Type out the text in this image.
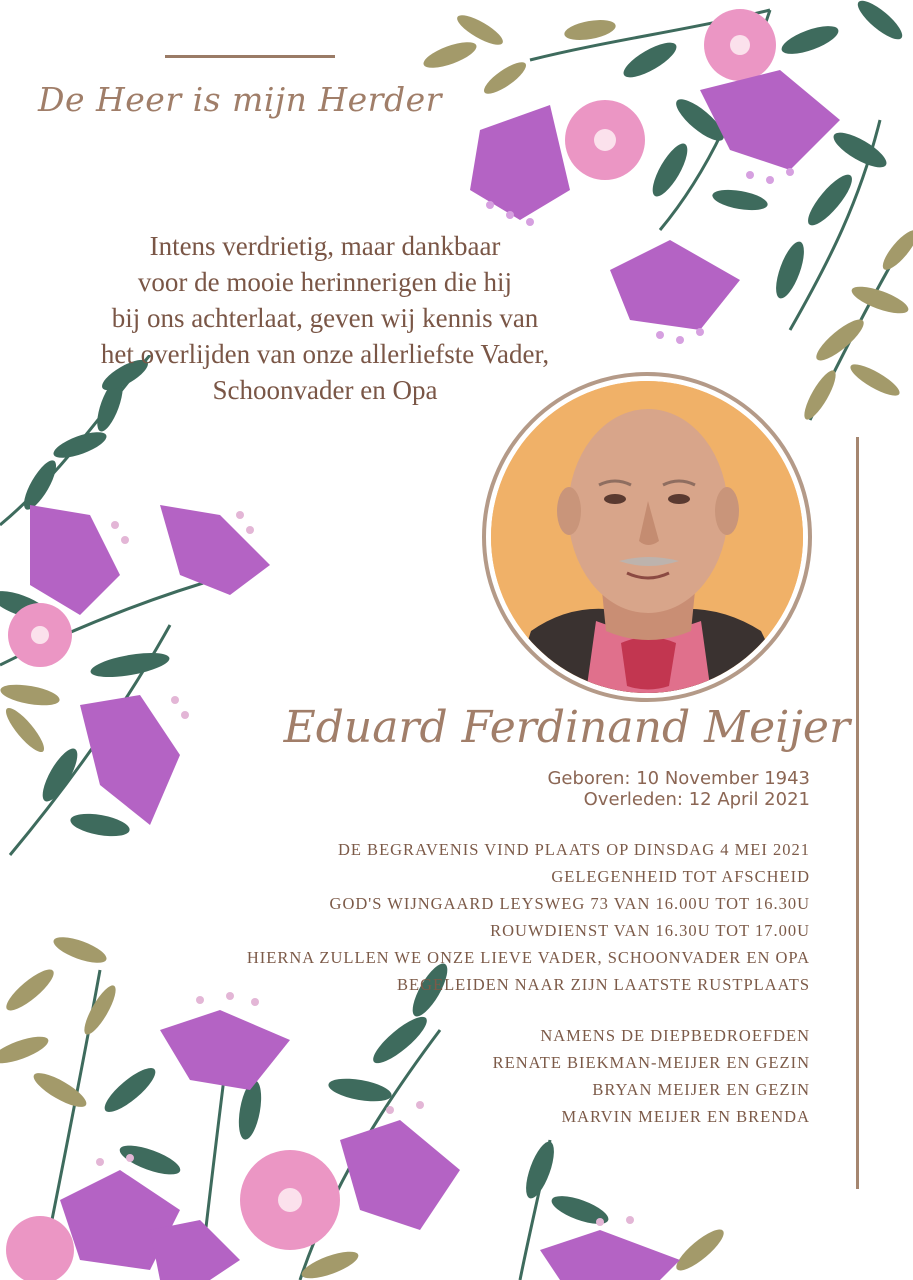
De Heer is mijn Herder
Intens verdrietig, maar dankbaar
voor de mooie herinnerigen die hij
bij ons achterlaat, geven wij kennis van
het overlijden van onze allerliefste Vader,
Schoonvader en Opa
Eduard Ferdinand Meijer
Geboren: 10 November 1943
Overleden: 12 April 2021
DE BEGRAVENIS VIND PLAATS OP DINSDAG 4 MEI 2021
GELEGENHEID TOT AFSCHEID
GOD'S WIJNGAARD LEYSWEG 73 VAN 16.00U TOT 16.30U
ROUWDIENST VAN 16.30U TOT 17.00U
HIERNA ZULLEN WE ONZE LIEVE VADER, SCHOONVADER EN OPA
BEGELEIDEN NAAR ZIJN LAATSTE RUSTPLAATS
NAMENS DE DIEPBEDROEFDEN
RENATE BIEKMAN-MEIJER EN GEZIN
BRYAN MEIJER EN GEZIN
MARVIN MEIJER EN BRENDA
